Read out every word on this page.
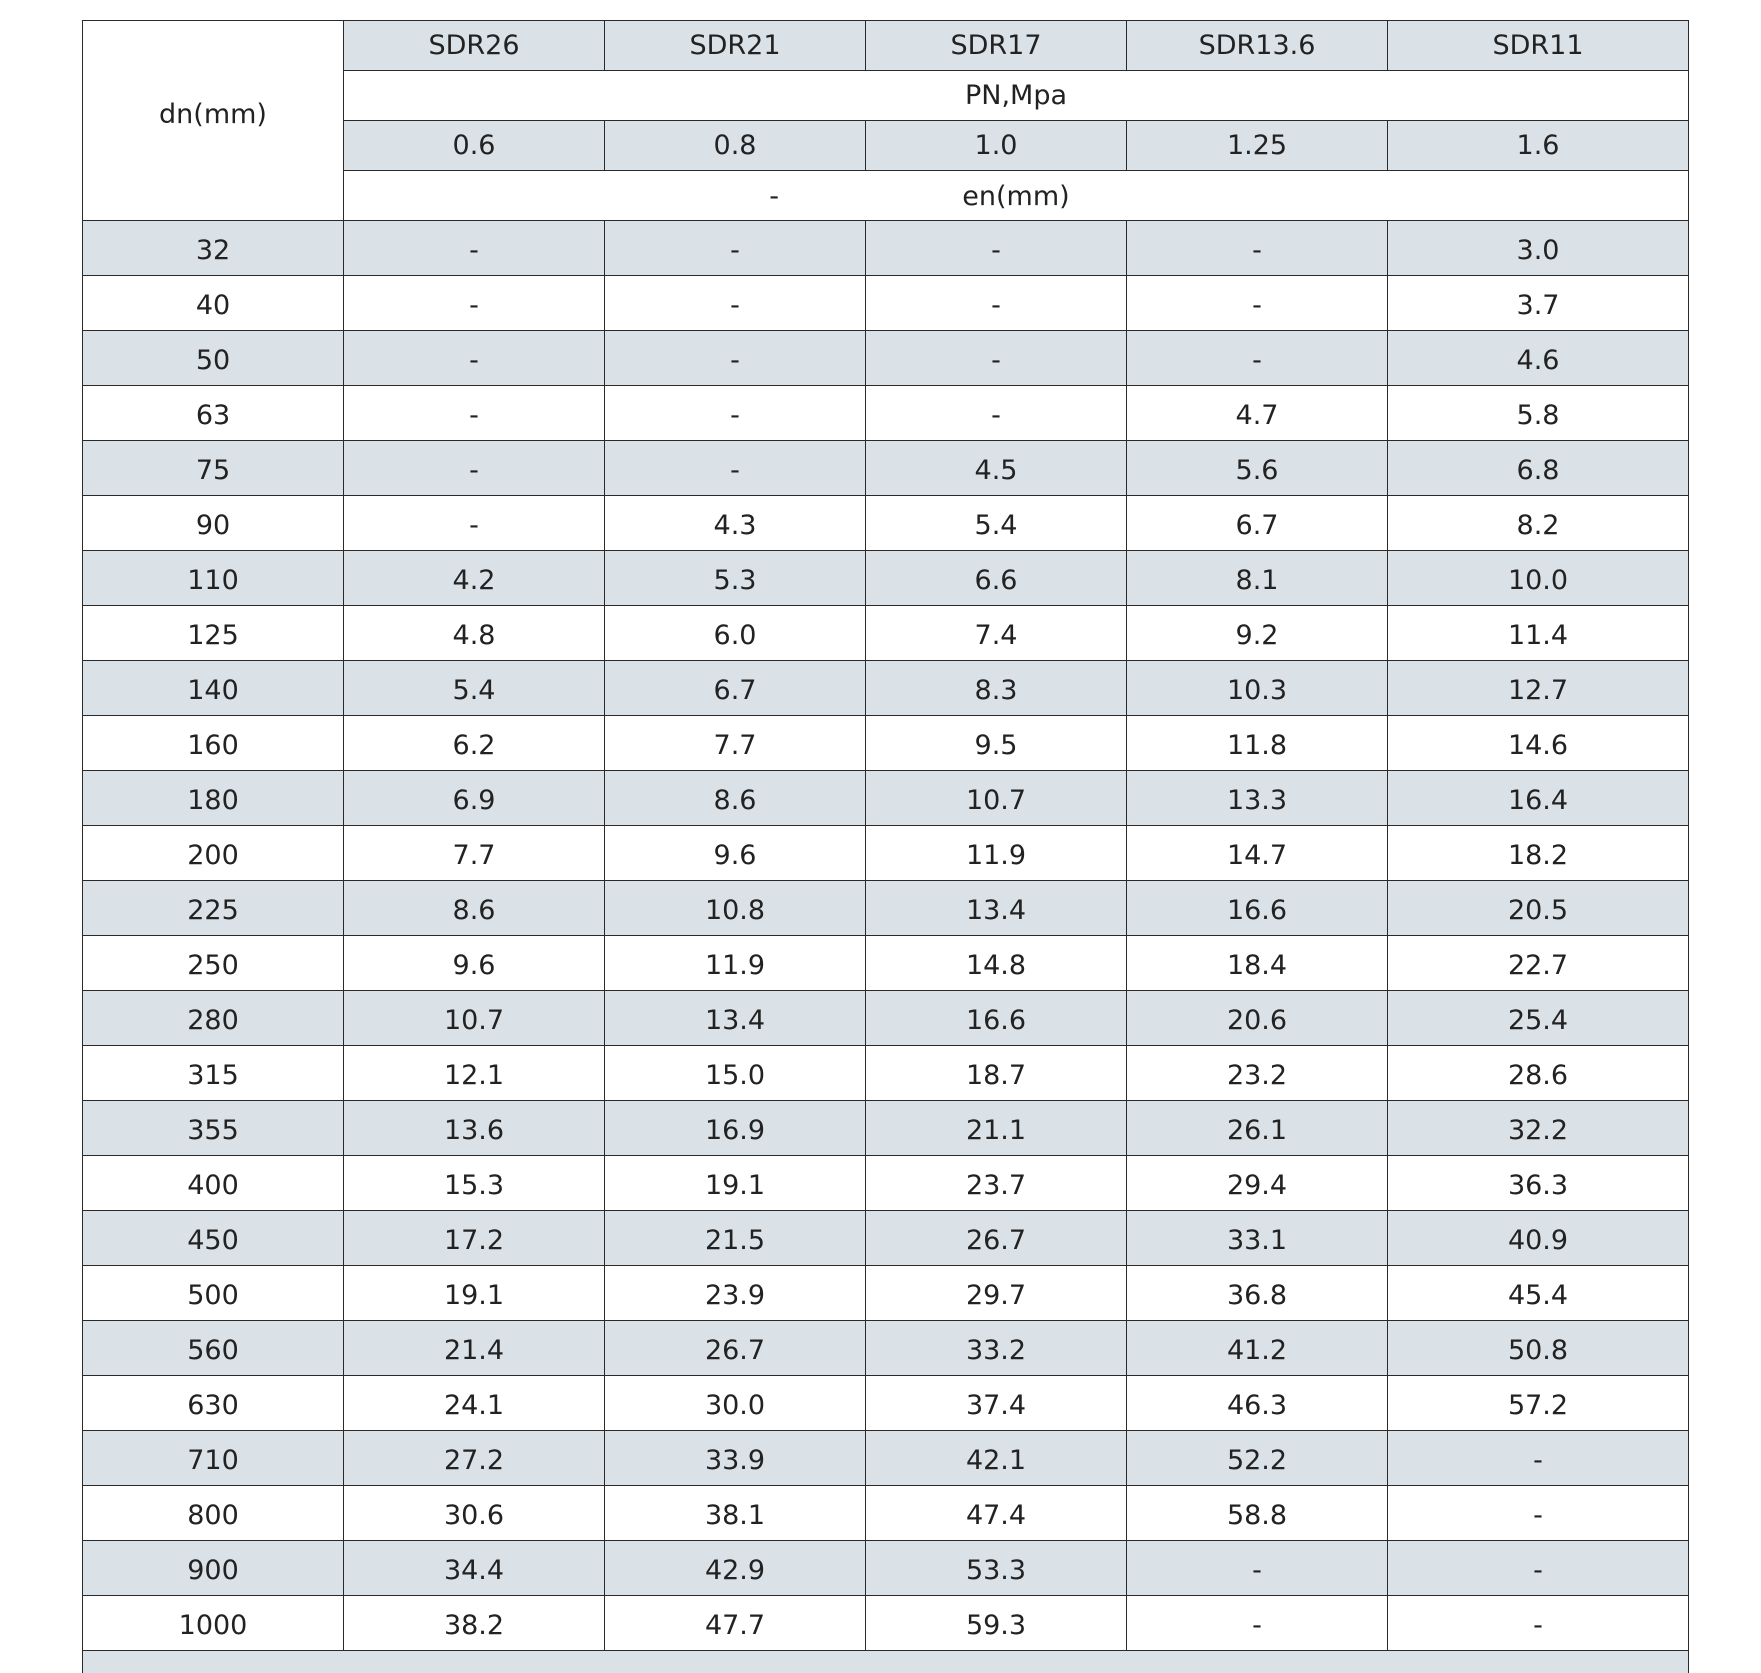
dn(mm)	SDR26	SDR21	SDR17	SDR13.6	SDR11
	PN,Mpa				
	0.6	0.8	1.0	1.25	1.6

	- en(mm)				

32	-	-	-	-	3.0
40	-	-	-	-	3.7
50	-	-	-	-	4.6
63	-	-	-	4.7	5.8
75	-	-	4.5	5.6	6.8
90	-	4.3	5.4	6.7	8.2
110	4.2	5.3	6.6	8.1	10.0
125	4.8	6.0	7.4	9.2	11.4
140	5.4	6.7	8.3	10.3	12.7
160	6.2	7.7	9.5	11.8	14.6
180	6.9	8.6	10.7	13.3	16.4
200	7.7	9.6	11.9	14.7	18.2
225	8.6	10.8	13.4	16.6	20.5
250	9.6	11.9	14.8	18.4	22.7
280	10.7	13.4	16.6	20.6	25.4
315	12.1	15.0	18.7	23.2	28.6
355	13.6	16.9	21.1	26.1	32.2
400	15.3	19.1	23.7	29.4	36.3
450	17.2	21.5	26.7	33.1	40.9
500	19.1	23.9	29.7	36.8	45.4
560	21.4	26.7	33.2	41.2	50.8
630	24.1	30.0	37.4	46.3	57.2
710	27.2	33.9	42.1	52.2	-
800	30.6	38.1	47.4	58.8	-
900	34.4	42.9	53.3	-	-
1000	38.2	47.7	59.3	-	-
